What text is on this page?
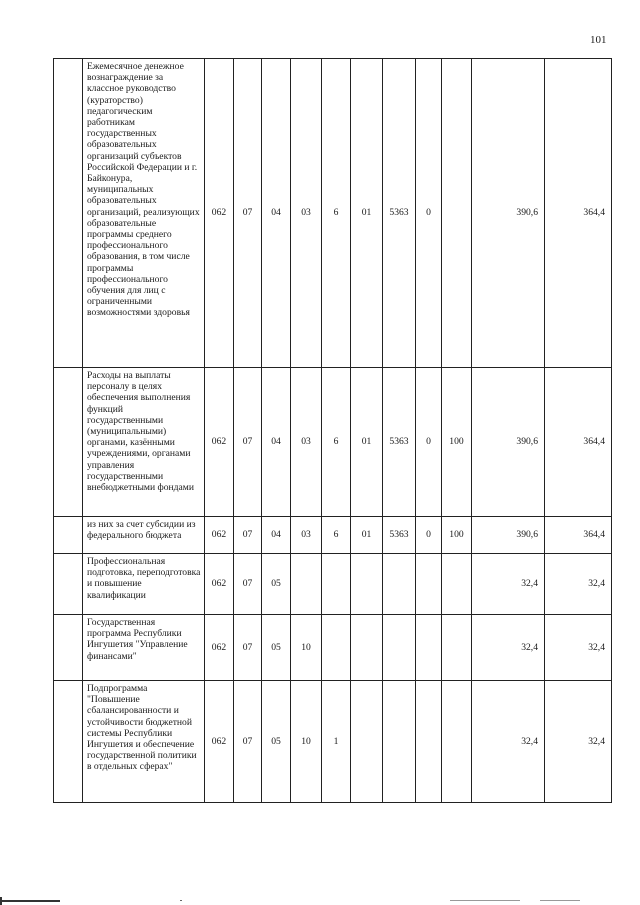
101
	Ежемесячное денежное вознаграждение за классное руководство (кураторство) педагогическим работникам государственных образовательных организаций субъектов Российской Федерации и г. Байконура, муниципальных образовательных организаций, реализующих образовательные программы среднего профессионального образования, в том числе программы профессионального обучения для лиц с ограниченными возможностями здоровья	062	07	04	03	6	01	5363	0		390,6	364,4
	Расходы на выплаты персоналу в целях обеспечения выполнения функций государственными (муниципальными) органами, казёнными учреждениями, органами управления государственными внебюджетными фондами	062	07	04	03	6	01	5363	0	100	390,6	364,4
	из них за счет субсидии из федерального бюджета	062	07	04	03	6	01	5363	0	100	390,6	364,4
	Профессиональная подготовка, переподготовка и повышение квалификации	062	07	05							32,4	32,4
	Государственная программа Республики Ингушетия "Управление финансами"	062	07	05	10						32,4	32,4
	Подпрограмма "Повышение сбалансированности и устойчивости бюджетной системы Республики Ингушетия и обеспечение государственной политики в отдельных сферах"	062	07	05	10	1					32,4	32,4
